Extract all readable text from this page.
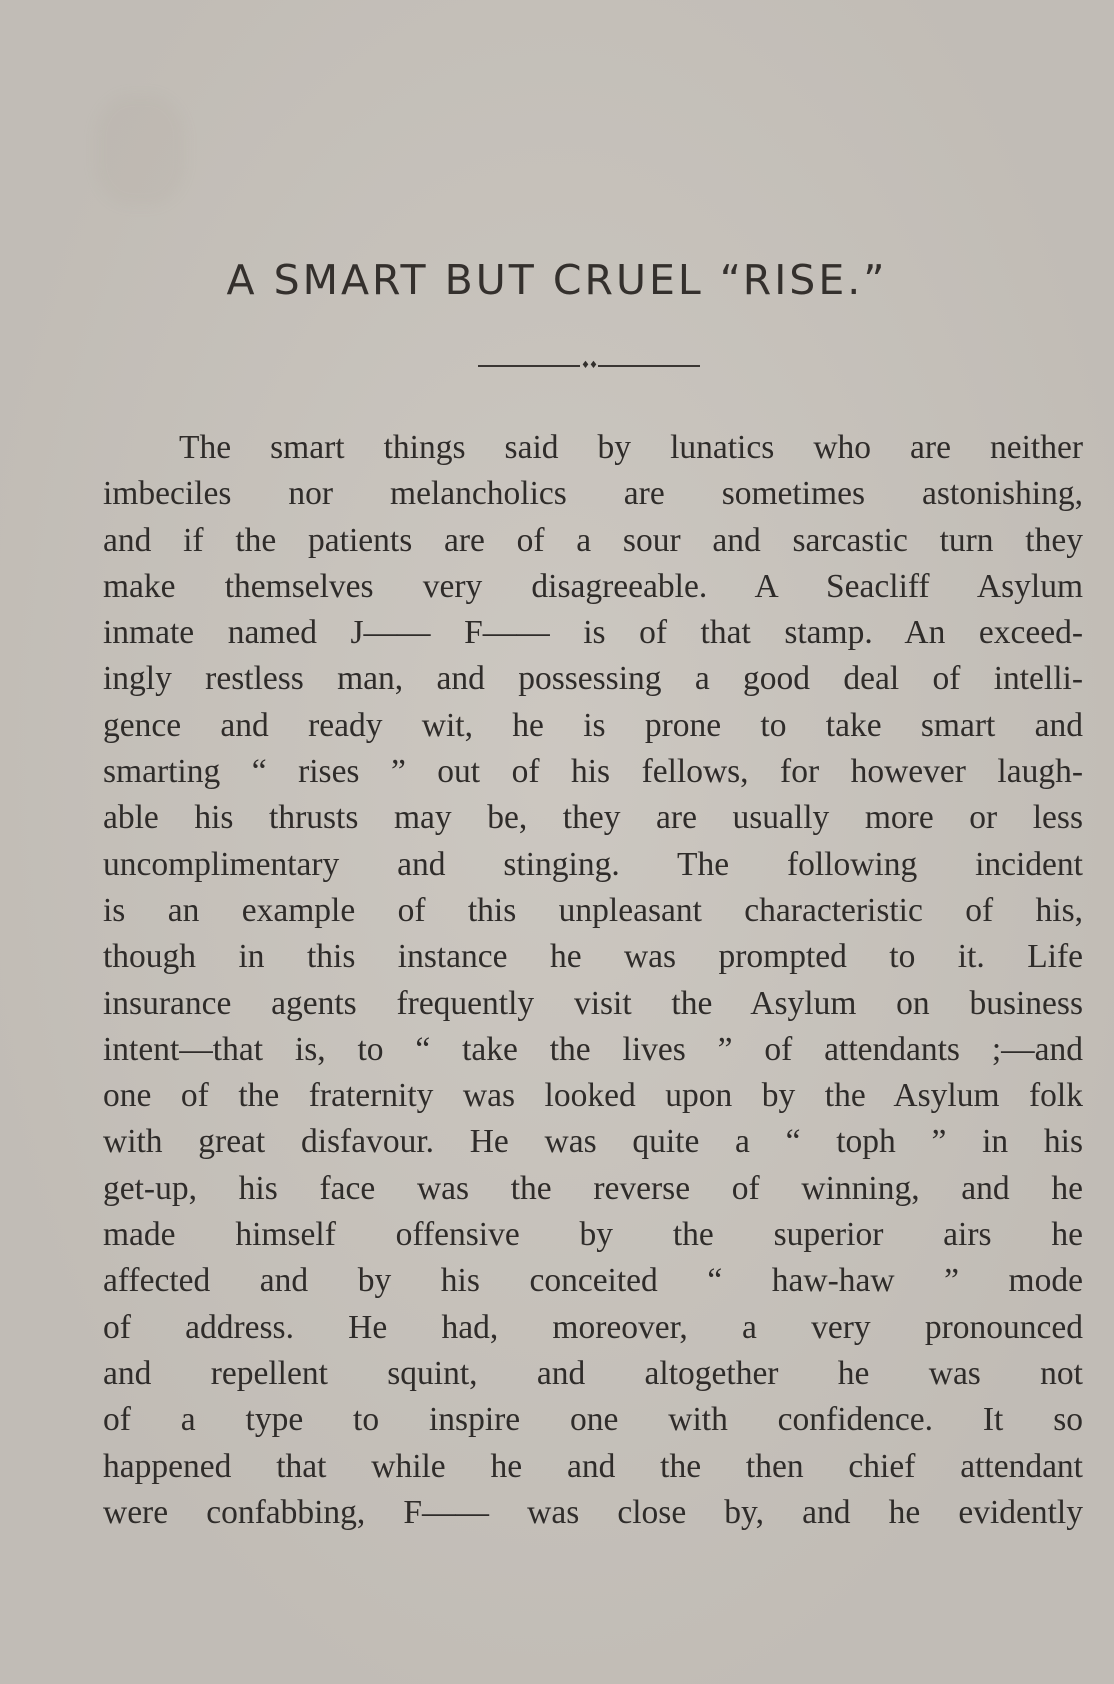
A SMART BUT CRUEL “RISE.”
♦♦
The smart things said by lunatics who are neither
imbeciles nor melancholics are sometimes astonishing,
and if the patients are of a sour and sarcastic turn they
make themselves very disagreeable. A Seacliff Asylum
inmate named J—— F—— is of that stamp. An exceed-
ingly restless man, and possessing a good deal of intelli-
gence and ready wit, he is prone to take smart and
smarting “ rises ” out of his fellows, for however laugh-
able his thrusts may be, they are usually more or less
uncomplimentary and stinging. The following incident
is an example of this unpleasant characteristic of his,
though in this instance he was prompted to it. Life
insurance agents frequently visit the Asylum on business
intent—that is, to “ take the lives ” of attendants ;—and
one of the fraternity was looked upon by the Asylum folk
with great disfavour. He was quite a “ toph ” in his
get-up, his face was the reverse of winning, and he
made himself offensive by the superior airs he
affected and by his conceited “ haw-haw ” mode
of address. He had, moreover, a very pronounced
and repellent squint, and altogether he was not
of a type to inspire one with confidence. It so
happened that while he and the then chief attendant
were confabbing, F—— was close by, and he evidently
